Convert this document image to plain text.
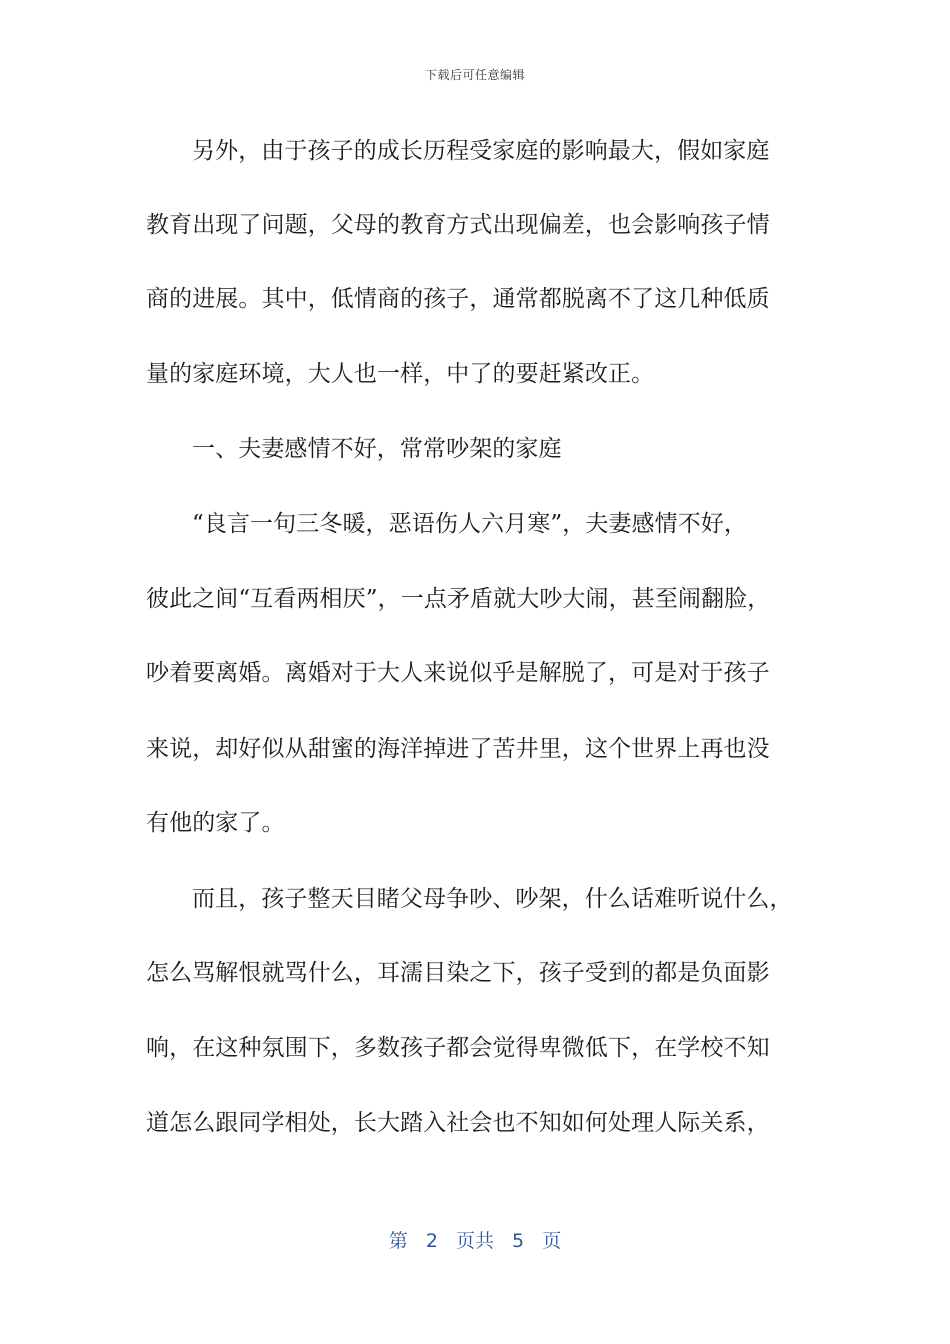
下载后可任意编辑
另外，由于孩子的成长历程受家庭的影响最大，假如家庭
教育出现了问题，父母的教育方式出现偏差，也会影响孩子情
商的进展。其中，低情商的孩子，通常都脱离不了这几种低质
量的家庭环境，大人也一样，中了的要赶紧改正。
一、夫妻感情不好，常常吵架的家庭
“良言一句三冬暖，恶语伤人六月寒”，夫妻感情不好，
彼此之间“互看两相厌”，一点矛盾就大吵大闹，甚至闹翻脸，
吵着要离婚。离婚对于大人来说似乎是解脱了，可是对于孩子
来说，却好似从甜蜜的海洋掉进了苦井里，这个世界上再也没
有他的家了。
而且，孩子整天目睹父母争吵、吵架，什么话难听说什么，
怎么骂解恨就骂什么，耳濡目染之下，孩子受到的都是负面影
响，在这种氛围下，多数孩子都会觉得卑微低下，在学校不知
道怎么跟同学相处，长大踏入社会也不知如何处理人际关系，
第 2 页共 5 页
